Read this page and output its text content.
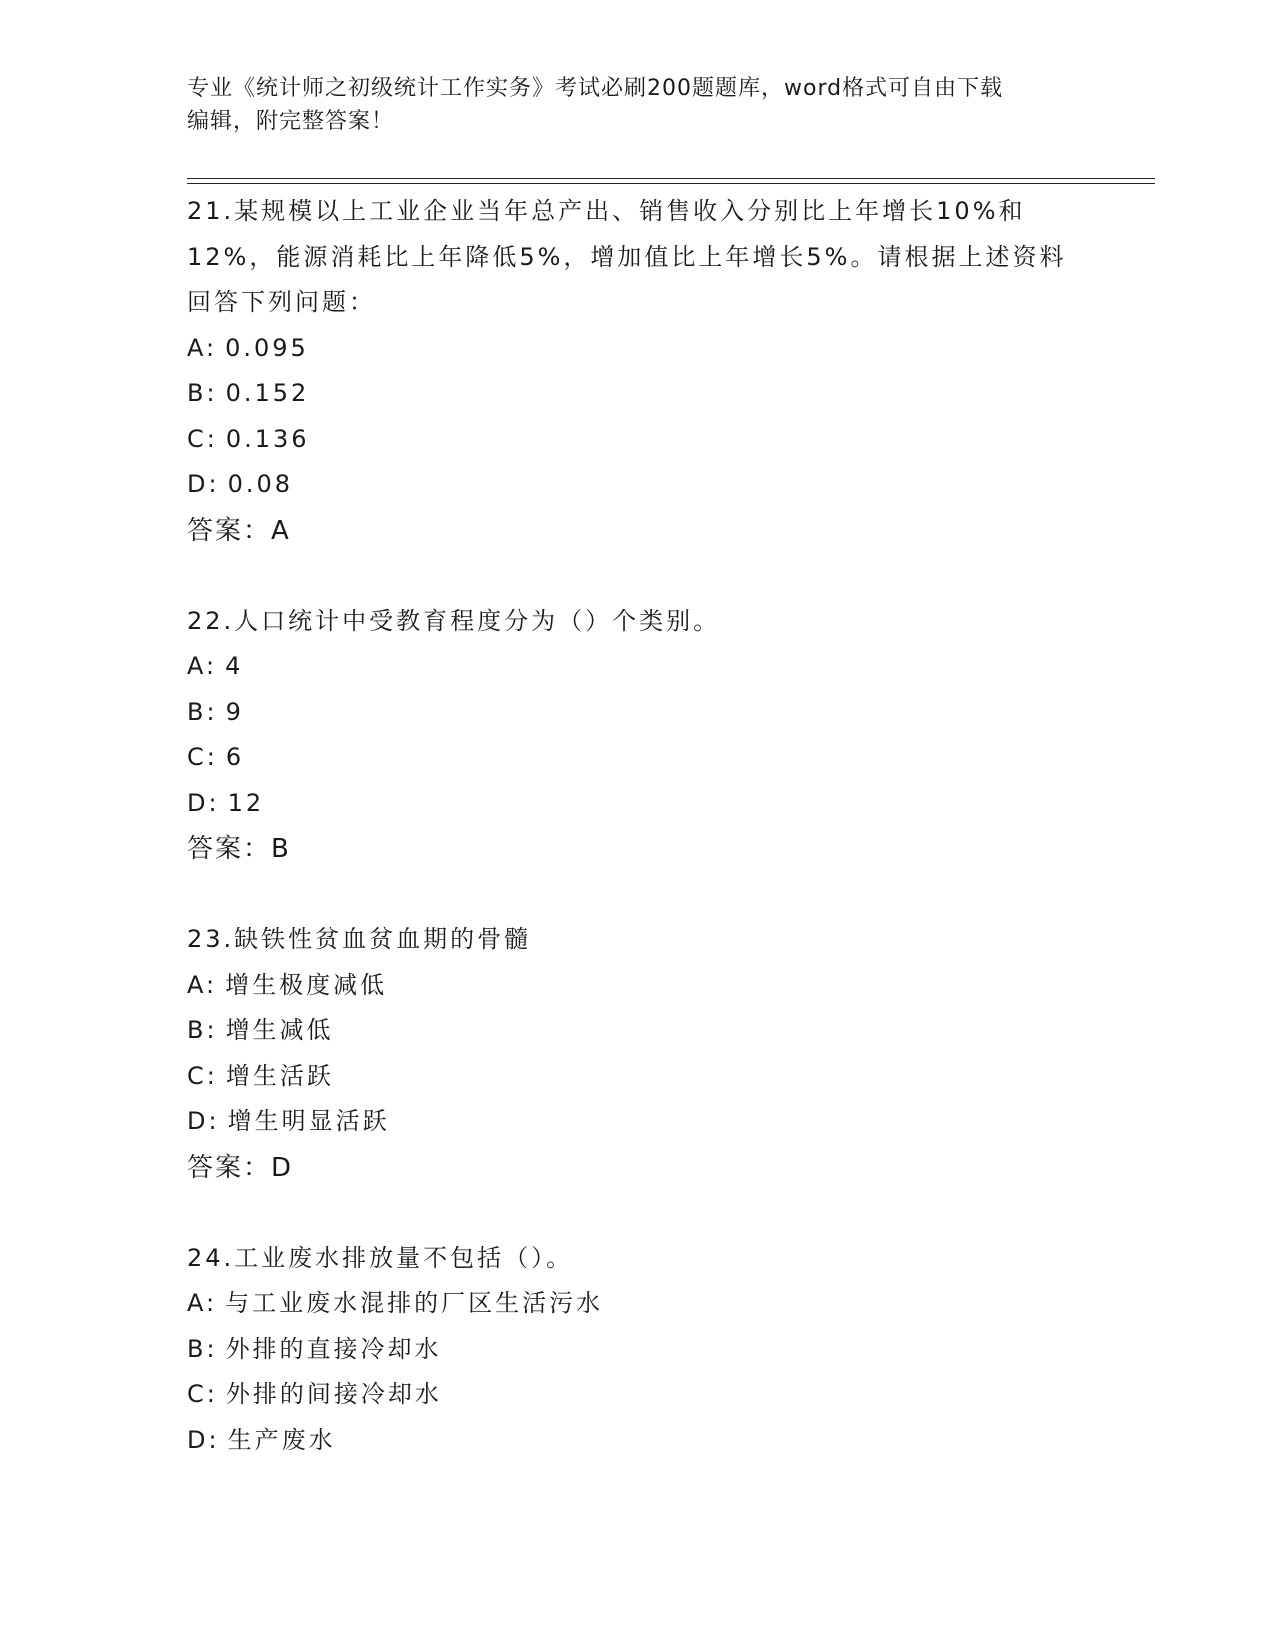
专业《统计师之初级统计工作实务》考试必刷200题题库，word格式可自由下载
编辑，附完整答案！

21.某规模以上工业企业当年总产出、销售收入分别比上年增长10%和12%，能源消耗比上年降低5%，增加值比上年增长5%。请根据上述资料回答下列问题：

A: 0.095
B: 0.152
C: 0.136
D: 0.08
答案：A

22.人口统计中受教育程度分为（）个类别。

A: 4
B: 9
C: 6
D: 12
答案：B

23.缺铁性贫血贫血期的骨髓

A: 增生极度减低
B: 增生减低
C: 增生活跃
D: 增生明显活跃
答案：D

24.工业废水排放量不包括（）。

A: 与工业废水混排的厂区生活污水
B: 外排的直接冷却水
C: 外排的间接冷却水
D: 生产废水
